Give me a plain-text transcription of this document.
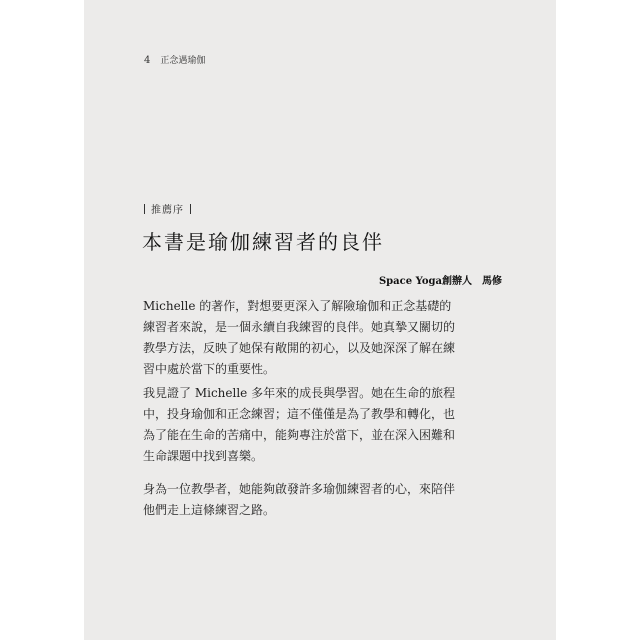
4 正念遇瑜伽
推薦序
本書是瑜伽練習者的良伴
Space Yoga創辦人 馬修

Michelle 的著作，對想要更深入了解險瑜伽和正念基礎的練習者來說，是一個永續自我練習的良伴。她真摯又關切的教學方法，反映了她保有敞開的初心，以及她深深了解在練習中處於當下的重要性。

我見證了 Michelle 多年來的成長與學習。她在生命的旅程中，投身瑜伽和正念練習；這不僅僅是為了教學和轉化，也為了能在生命的苦痛中，能夠專注於當下，並在深入困難和生命課題中找到喜樂。

身為一位教學者，她能夠啟發許多瑜伽練習者的心，來陪伴他們走上這條練習之路。
